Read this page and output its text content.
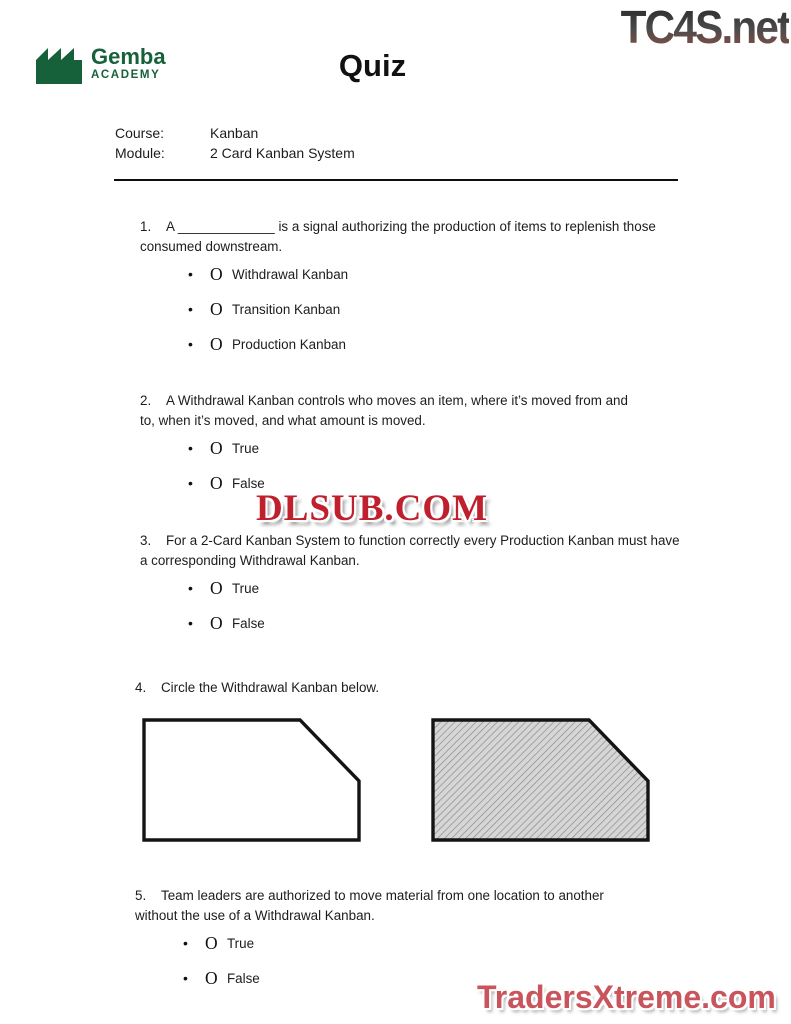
TC4S.net
Gemba
ACADEMY	Quiz
Course:	Kanban
Module:	2 Card Kanban System

1. A _____________ is a signal authorizing the production of items to replenish those consumed downstream.

• O Withdrawal Kanban
• O Transition Kanban
• O Production Kanban

2. A Withdrawal Kanban controls who moves an item, where it’s moved from and to, when it’s moved, and what amount is moved.

• O True
• O False

3. For a 2-Card Kanban System to function correctly every Production Kanban must have a corresponding Withdrawal Kanban.

• O True
• O False

4. Circle the Withdrawal Kanban below.

5. Team leaders are authorized to move material from one location to another without the use of a Withdrawal Kanban.

• O True
• O False
DLSUB.COM
TradersXtreme.com
